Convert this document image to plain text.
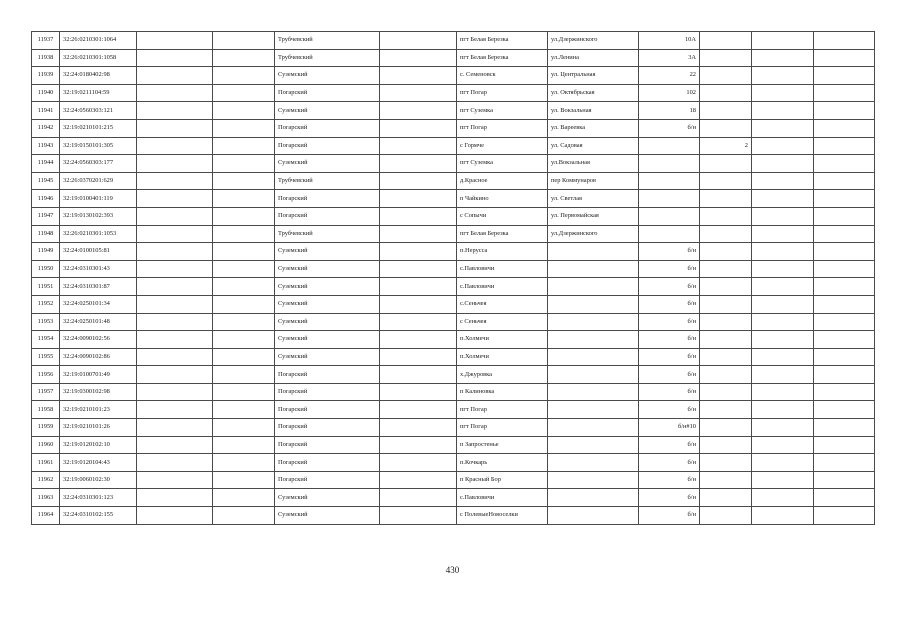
11937	32:26:0210301:1064			Трубчевский		пгт Белая Березка	ул.Дзержинского	10А			
11938	32:26:0210301:1058			Трубчевский		пгт Белая Березка	ул.Ленина	3А			
11939	32:24:0180402:98			Суземский		с. Семеновск	ул. Центральная	22			
11940	32:19:0211104:59			Погарский		пгт Погар	ул. Октябрьская	102			
11941	32:24:0560303:121			Суземский		пгт Суземка	ул. Вокзальная	18			
11942	32:19:0210101:215			Погарский		пгт Погар	ул. Вареевка	б/н			
11943	32:19:0150101:305			Погарский		с Гормче	ул. Садовая		2		
11944	32:24:0560303:177			Суземский		пгт Суземка	ул.Вокзальная				
11945	32:26:0370201:629			Трубчевский		д.Красное	пер Коммунаров				
11946	32:19:0100401:119			Погарский		п Чайкино	ул. Светлая				
11947	32:19:0130102:393			Погарский		с Сопычи	ул. Первомайская				
11948	32:26:0210301:1053			Трубчевский		пгт Белая Березка	ул.Дзержинского				
11949	32:24:0100105:81			Суземский		п.Нерусса		б/н			
11950	32:24:0310301:43			Суземский		с.Павловичи		б/н			
11951	32:24:0310301:87			Суземский		с.Павловичи		б/н			
11952	32:24:0250101:34			Суземский		с.Сеньчея		б/н			
11953	32:24:0250101:48			Суземский		с Сеньчея		б/н			
11954	32:24:0090102:56			Суземский		п.Холмечи		б/н			
11955	32:24:0090102:86			Суземский		п.Холмечи		б/н			
11956	32:19:0100701:49			Погарский		х.Джуровка		б/н			
11957	32:19:0300102:98			Погарский		п Калиновка		б/н			
11958	32:19:0210101:23			Погарский		пгт Погар		б/н			
11959	32:19:0210101:26			Погарский		пгт Погар		б/н#10			
11960	32:19:0120102:10			Погарский		п Запростенье		б/н			
11961	32:19:0120104:43			Погарский		п.Кочкарь		б/н			
11962	32:19:0060102:30			Погарский		п Красный Бор		б/н			
11963	32:24:0310301:123			Суземский		с.Павловичи		б/н			
11964	32:24:0310102:155			Суземский		с ПолевыеНовоселки		б/н			
430
